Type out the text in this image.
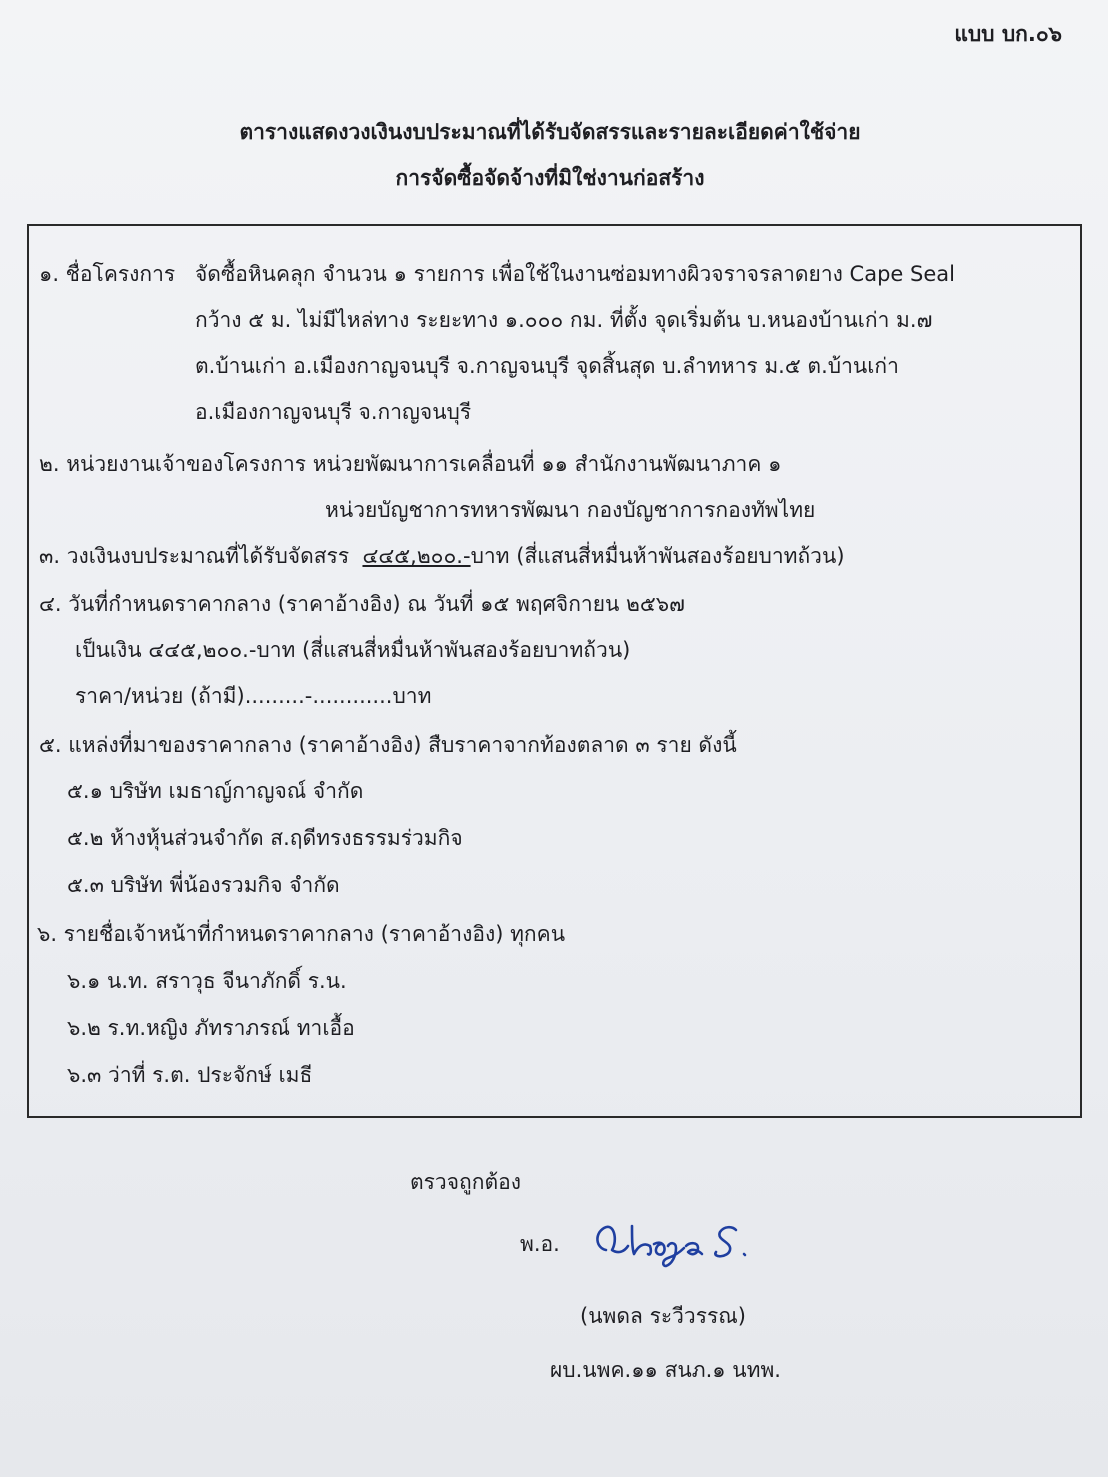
แบบ บก.๐๖
ตารางแสดงวงเงินงบประมาณที่ได้รับจัดสรรและรายละเอียดค่าใช้จ่าย
การจัดซื้อจัดจ้างที่มิใช่งานก่อสร้าง
๑. ชื่อโครงการ จัดซื้อหินคลุก จำนวน ๑ รายการ เพื่อใช้ในงานซ่อมทางผิวจราจรลาดยาง Cape Seal
กว้าง ๕ ม. ไม่มีไหล่ทาง ระยะทาง ๑.๐๐๐ กม. ที่ตั้ง จุดเริ่มต้น บ.หนองบ้านเก่า ม.๗
ต.บ้านเก่า อ.เมืองกาญจนบุรี จ.กาญจนบุรี จุดสิ้นสุด บ.ลำทหาร ม.๕ ต.บ้านเก่า
อ.เมืองกาญจนบุรี จ.กาญจนบุรี
๒. หน่วยงานเจ้าของโครงการ หน่วยพัฒนาการเคลื่อนที่ ๑๑ สำนักงานพัฒนาภาค ๑
หน่วยบัญชาการทหารพัฒนา กองบัญชาการกองทัพไทย
๓. วงเงินงบประมาณที่ได้รับจัดสรร ๔๔๕,๒๐๐.-บาท (สี่แสนสี่หมื่นห้าพันสองร้อยบาทถ้วน)
๔. วันที่กำหนดราคากลาง (ราคาอ้างอิง) ณ วันที่ ๑๕ พฤศจิกายน ๒๕๖๗
เป็นเงิน ๔๔๕,๒๐๐.-บาท (สี่แสนสี่หมื่นห้าพันสองร้อยบาทถ้วน)
ราคา/หน่วย (ถ้ามี).........-............บาท
๕. แหล่งที่มาของราคากลาง (ราคาอ้างอิง) สืบราคาจากท้องตลาด ๓ ราย ดังนี้
๕.๑ บริษัท เมธาญ์กาญจณ์ จำกัด
๕.๒ ห้างหุ้นส่วนจำกัด ส.ฤดีทรงธรรมร่วมกิจ
๕.๓ บริษัท พี่น้องรวมกิจ จำกัด
๖. รายชื่อเจ้าหน้าที่กำหนดราคากลาง (ราคาอ้างอิง) ทุกคน
๖.๑ น.ท. สราวุธ จีนาภักดิ์ ร.น.
๖.๒ ร.ท.หญิง ภัทราภรณ์ ทาเอื้อ
๖.๓ ว่าที่ ร.ต. ประจักษ์ เมธี
ตรวจถูกต้อง
พ.อ.
(นพดล ระวีวรรณ)
ผบ.นพค.๑๑ สนภ.๑ นทพ.
